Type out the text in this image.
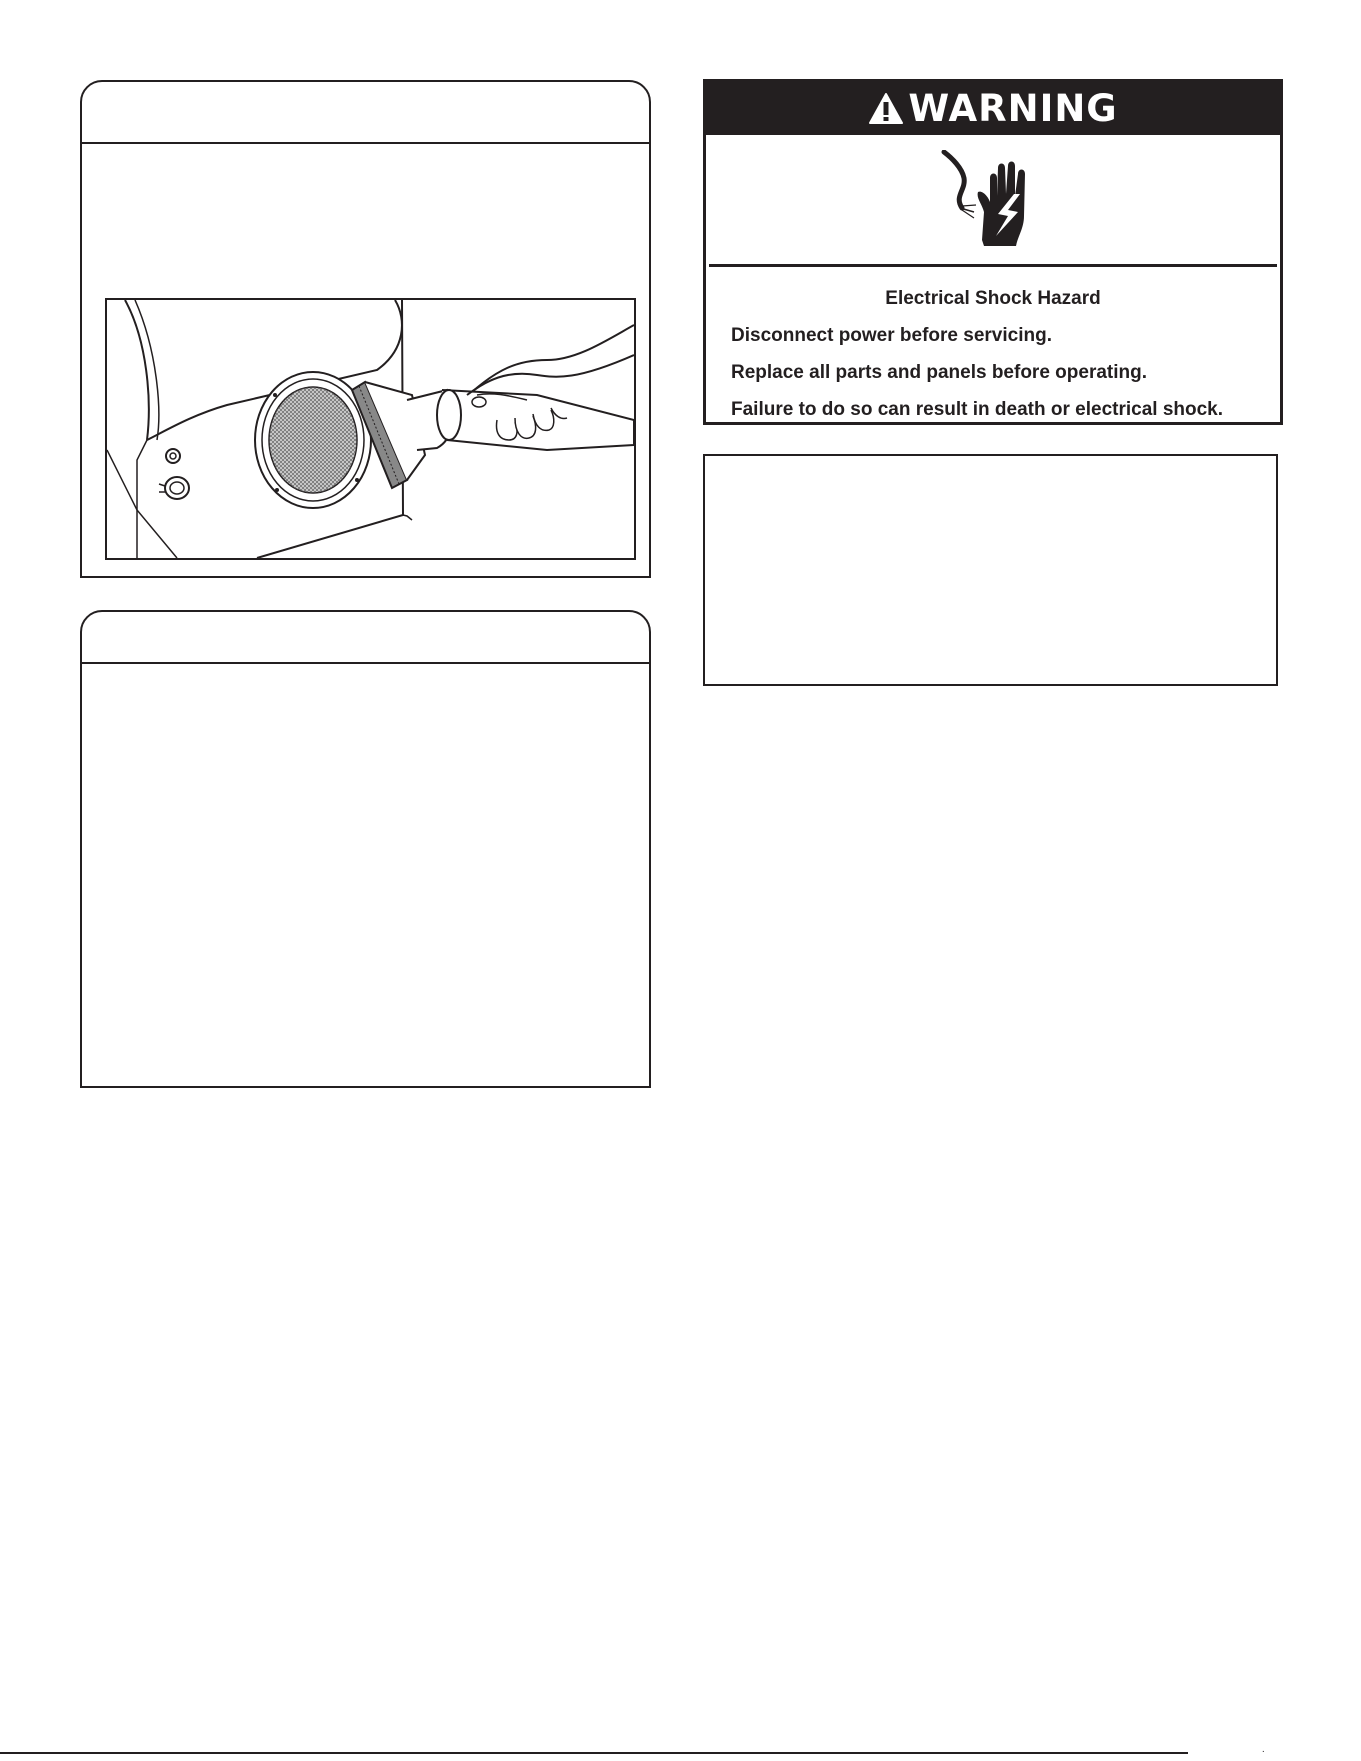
WARNING
Electrical Shock Hazard
Disconnect power before servicing.
Replace all parts and panels before operating.
Failure to do so can result in death or electrical shock.
·
